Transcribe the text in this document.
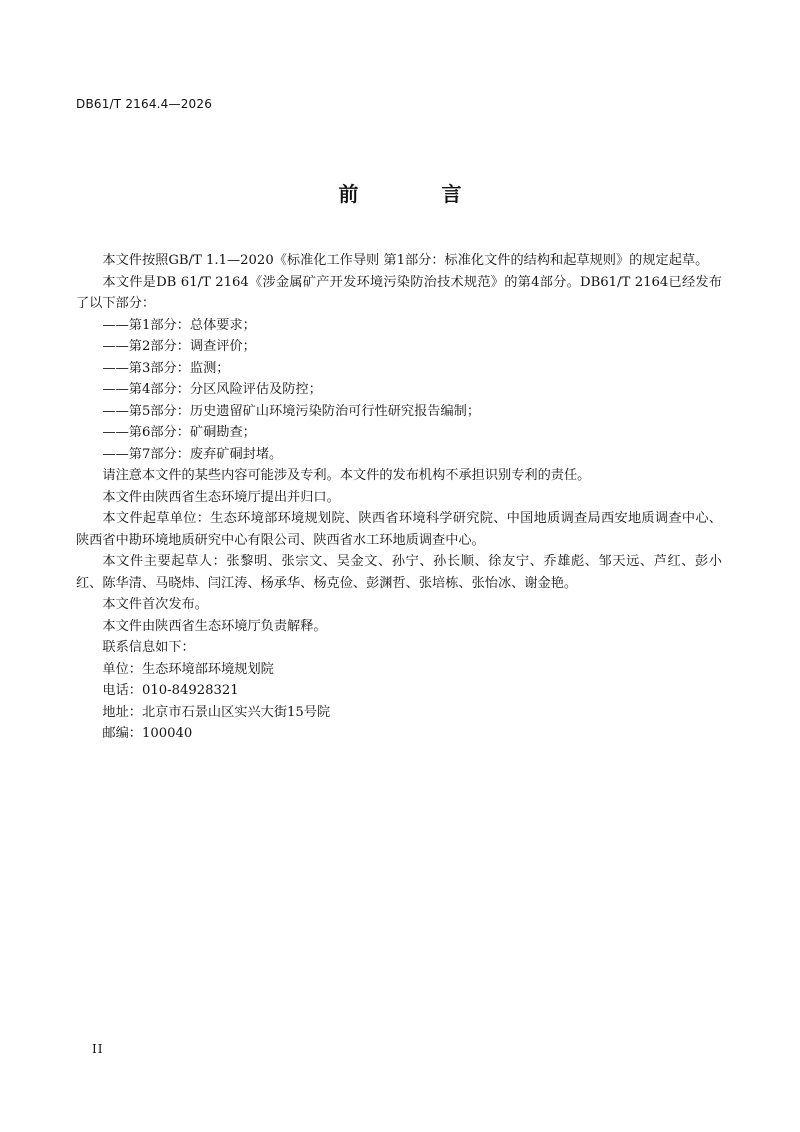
DB61/T 2164.4—2026
前 言

本文件按照GB/T 1.1—2020《标准化工作导则 第1部分：标准化文件的结构和起草规则》的规定起草。

本文件是DB 61/T 2164《涉金属矿产开发环境污染防治技术规范》的第4部分。DB61/T 2164已经发布了以下部分：

——第1部分：总体要求；

——第2部分：调查评价；

——第3部分：监测；

——第4部分：分区风险评估及防控；

——第5部分：历史遗留矿山环境污染防治可行性研究报告编制；

——第6部分：矿硐勘查；

——第7部分：废弃矿硐封堵。

请注意本文件的某些内容可能涉及专利。本文件的发布机构不承担识别专利的责任。

本文件由陕西省生态环境厅提出并归口。

本文件起草单位：生态环境部环境规划院、陕西省环境科学研究院、中国地质调查局西安地质调查中心、陕西省中勘环境地质研究中心有限公司、陕西省水工环地质调查中心。

本文件主要起草人：张黎明、张宗文、吴金文、孙宁、孙长顺、徐友宁、乔雄彪、邹天远、芦红、彭小红、陈华清、马晓炜、闫江涛、杨承华、杨克俭、彭渊哲、张培栋、张怡冰、谢金艳。

本文件首次发布。

本文件由陕西省生态环境厅负责解释。

联系信息如下：

单位：生态环境部环境规划院

电话：010-84928321

地址：北京市石景山区实兴大街15号院

邮编：100040

II
